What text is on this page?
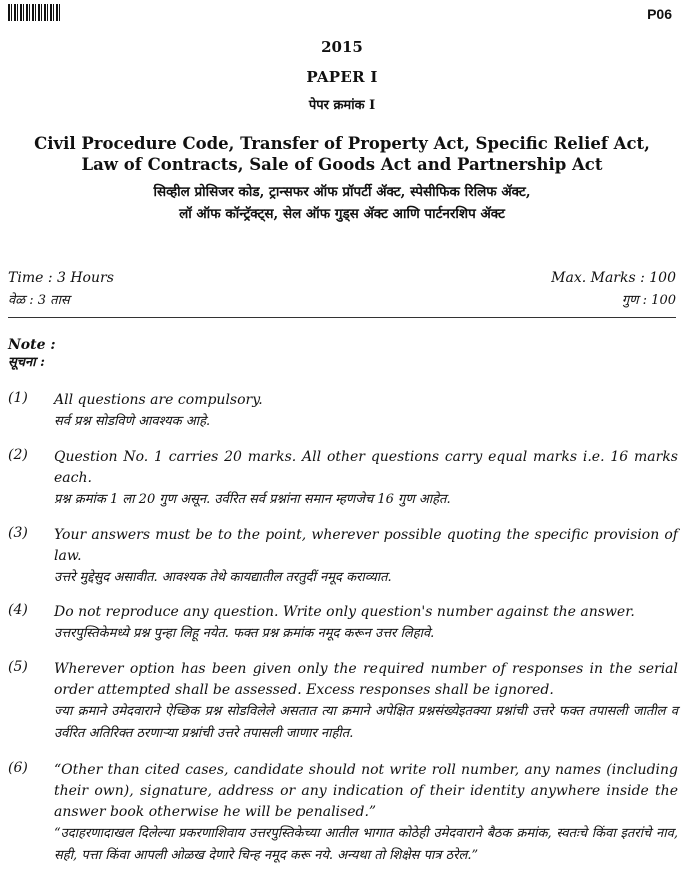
P06
2015
PAPER I
पेपर क्रमांक I
Civil Procedure Code, Transfer of Property Act, Specific Relief Act,
Law of Contracts, Sale of Goods Act and Partnership Act
सिव्हील प्रोसिजर कोड, ट्रान्सफर ऑफ प्रॉपर्टी ॲक्ट, स्पेसीफिक रिलिफ ॲक्ट,
लॉ ऑफ कॉन्ट्रॅक्ट्स, सेल ऑफ गुड्स ॲक्ट आणि पार्टनरशिप ॲक्ट
Time : 3 Hours
वेळ : 3 तास
Max. Marks : 100
गुण : 100
Note :
सूचना :
(1) All questions are compulsory.
सर्व प्रश्न सोडविणे आवश्यक आहे.
(2) Question No. 1 carries 20 marks. All other questions carry equal marks i.e. 16 marks each.
प्रश्न क्रमांक 1 ला 20 गुण असून. उर्वरित सर्व प्रश्नांना समान म्हणजेच 16 गुण आहेत.
(3) Your answers must be to the point, wherever possible quoting the specific provision of law.
उत्तरे मुद्देसुद असावीत. आवश्यक तेथे कायद्यातील तरतुदीं नमूद कराव्यात.
(4) Do not reproduce any question. Write only question's number against the answer.
उत्तरपुस्तिकेमध्ये प्रश्न पुन्हा लिहू नयेत. फक्त प्रश्न क्रमांक नमूद करून उत्तर लिहावे.
(5) Wherever option has been given only the required number of responses in the serial order attempted shall be assessed. Excess responses shall be ignored.
ज्या क्रमाने उमेदवाराने ऐच्छिक प्रश्न सोडविलेले असतात त्या क्रमाने अपेक्षित प्रश्नसंख्येइतक्या प्रश्नांची उत्तरे फक्त तपासली जातील व उर्वरित अतिरिक्त ठरणाऱ्या प्रश्नांची उत्तरे तपासली जाणार नाहीत.
(6) “Other than cited cases, candidate should not write roll number, any names (including their own), signature, address or any indication of their identity anywhere inside the answer book otherwise he will be penalised.”
“उदाहरणादाखल दिलेल्या प्रकरणाशिवाय उत्तरपुस्तिकेच्या आतील भागात कोठेही उमेदवाराने बैठक क्रमांक, स्वतःचे किंवा इतरांचे नाव, सही, पत्ता किंवा आपली ओळख देणारे चिन्ह नमूद करू नये. अन्यथा तो शिक्षेस पात्र ठरेल.”
